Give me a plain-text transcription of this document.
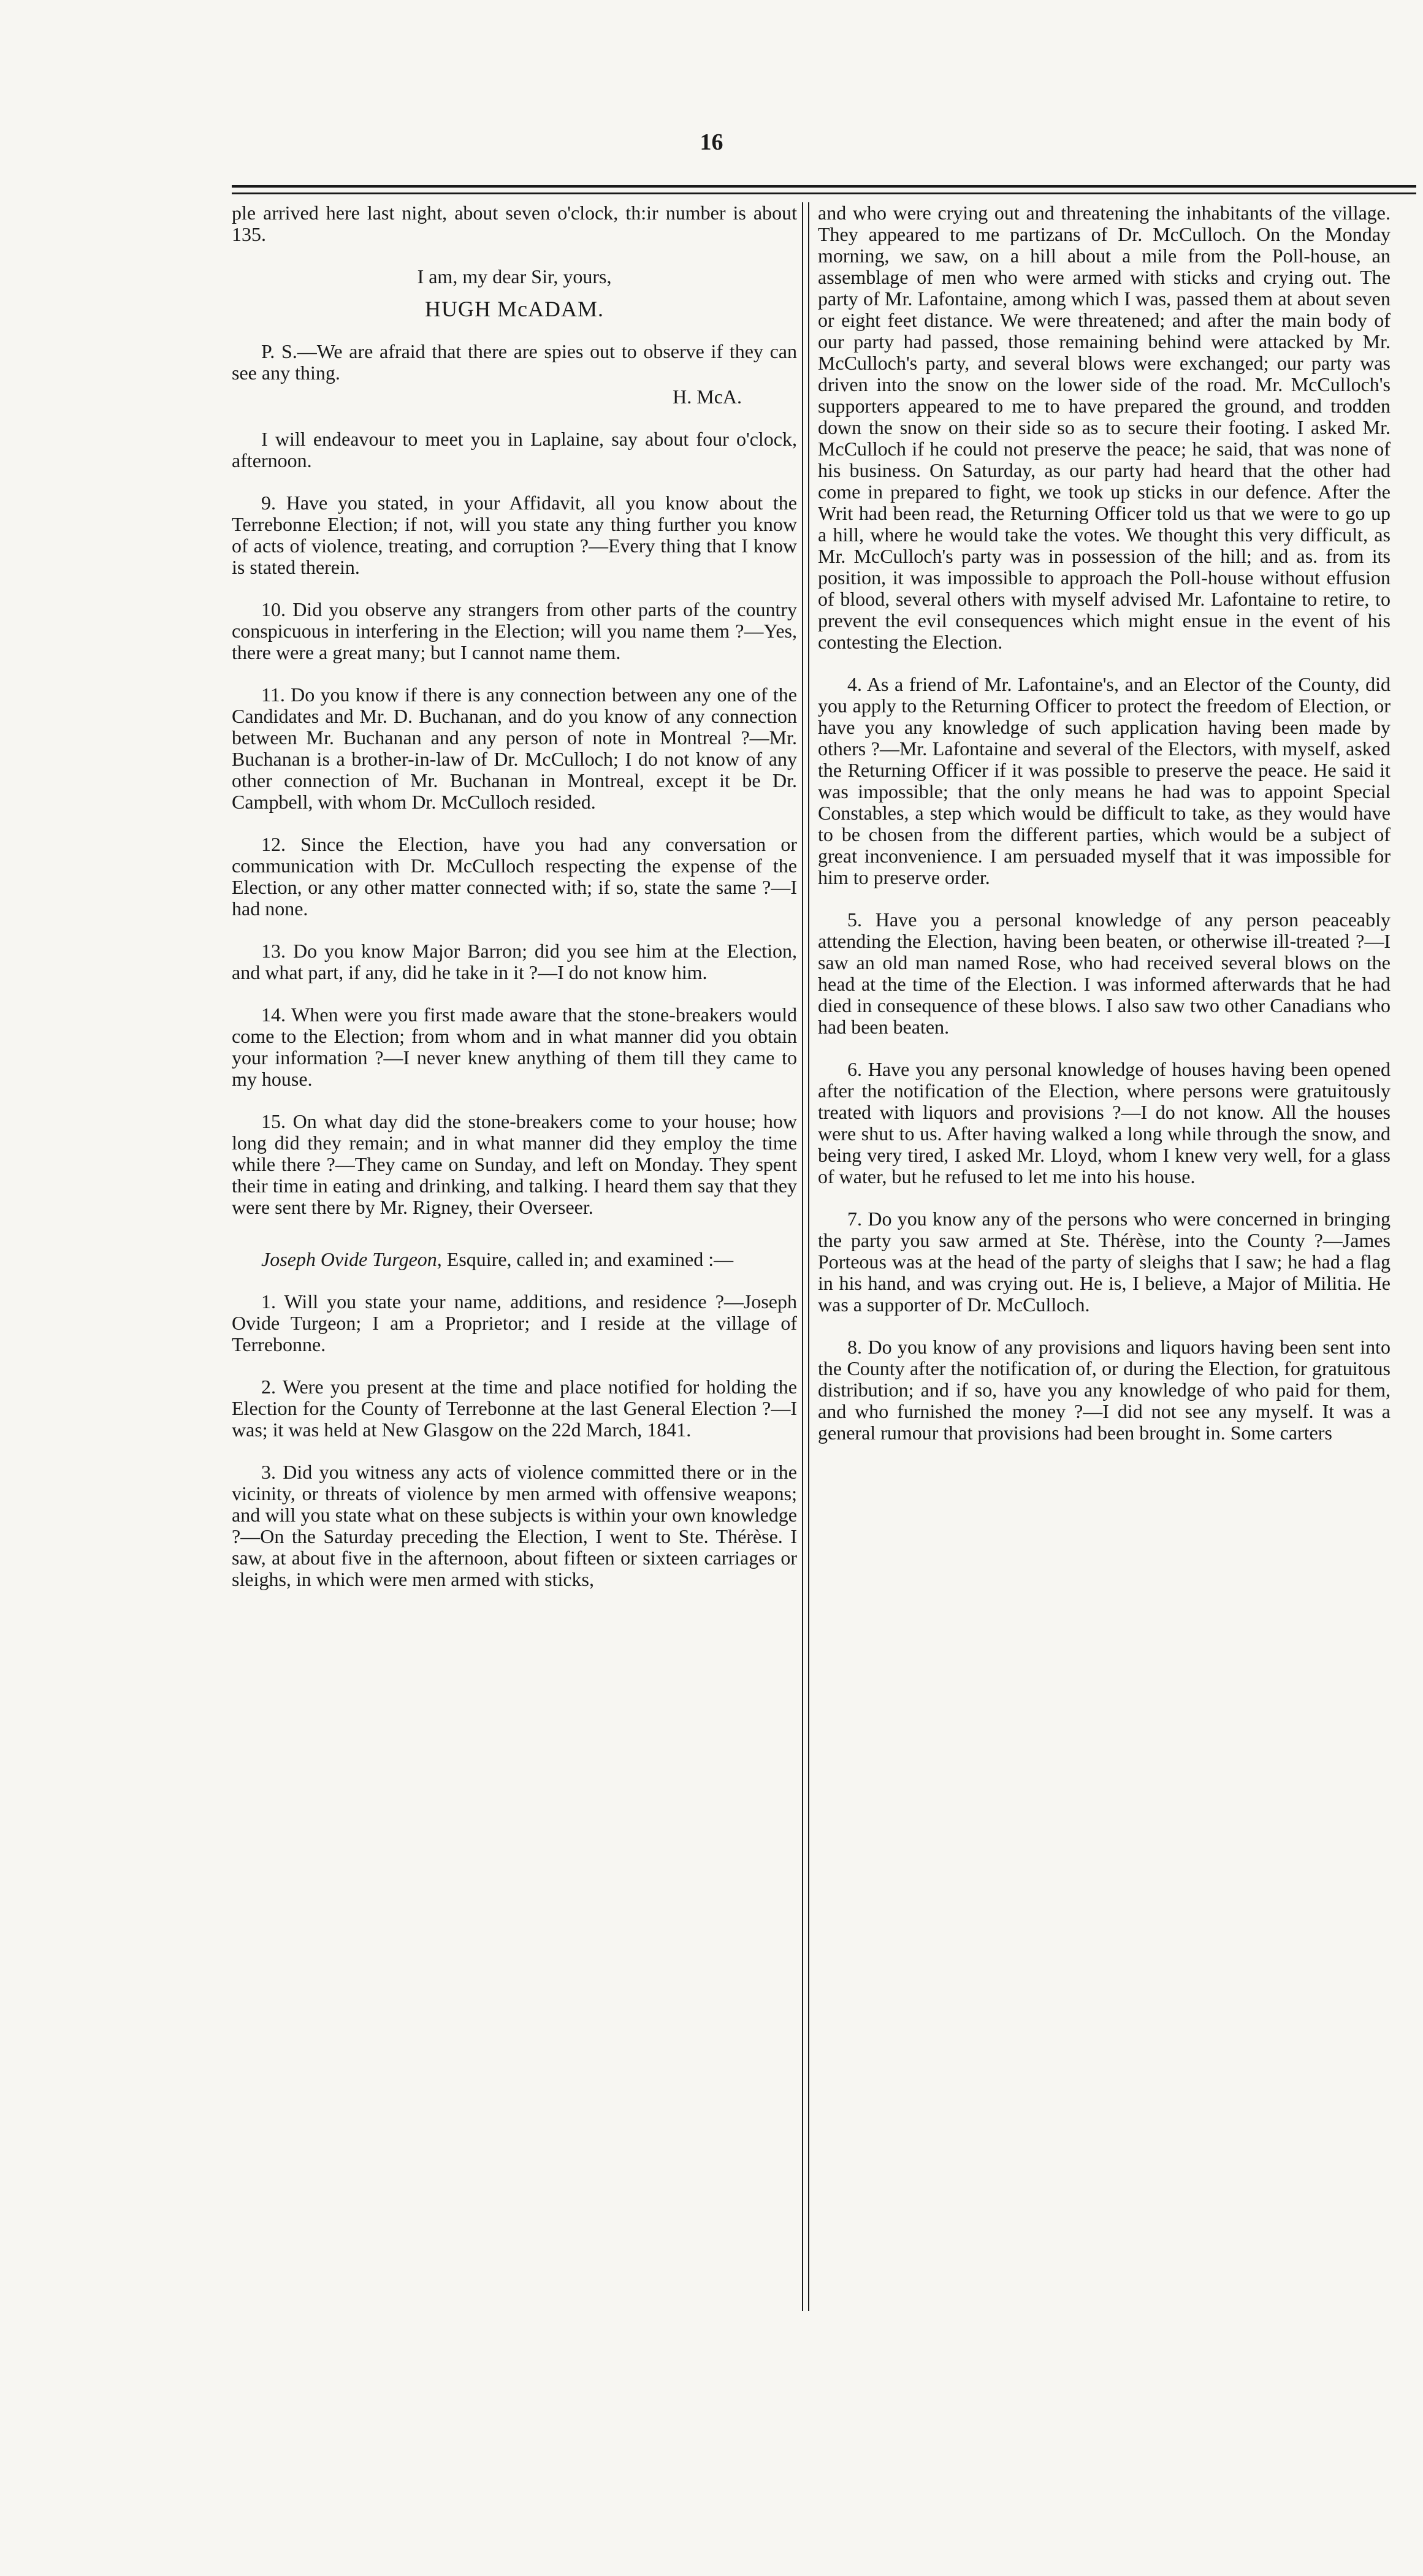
16

ple arrived here last night, about seven o'clock, th:ir number is about 135.

I am, my dear Sir, yours,

HUGH McADAM.

P. S.—We are afraid that there are spies out to observe if they can see any thing.

H. McA.

I will endeavour to meet you in Laplaine, say about four o'clock, afternoon.

9. Have you stated, in your Affidavit, all you know about the Terrebonne Election; if not, will you state any thing further you know of acts of violence, treating, and corruption ?—Every thing that I know is stated therein.

10. Did you observe any strangers from other parts of the country conspicuous in interfering in the Election; will you name them ?—Yes, there were a great many; but I cannot name them.

11. Do you know if there is any connection between any one of the Candidates and Mr. D. Buchanan, and do you know of any connection between Mr. Buchanan and any person of note in Montreal ?—Mr. Buchanan is a brother-in-law of Dr. McCulloch; I do not know of any other connection of Mr. Buchanan in Montreal, except it be Dr. Campbell, with whom Dr. McCulloch resided.

12. Since the Election, have you had any conversation or communication with Dr. McCulloch respecting the expense of the Election, or any other matter connected with; if so, state the same ?—I had none.

13. Do you know Major Barron; did you see him at the Election, and what part, if any, did he take in it ?—I do not know him.

14. When were you first made aware that the stone-breakers would come to the Election; from whom and in what manner did you obtain your information ?—I never knew anything of them till they came to my house.

15. On what day did the stone-breakers come to your house; how long did they remain; and in what manner did they employ the time while there ?—They came on Sunday, and left on Monday. They spent their time in eating and drinking, and talking. I heard them say that they were sent there by Mr. Rigney, their Overseer.

Joseph Ovide Turgeon, Esquire, called in; and examined :—

1. Will you state your name, additions, and residence ?—Joseph Ovide Turgeon; I am a Proprietor; and I reside at the village of Terrebonne.

2. Were you present at the time and place notified for holding the Election for the County of Terrebonne at the last General Election ?—I was; it was held at New Glasgow on the 22d March, 1841.

3. Did you witness any acts of violence committed there or in the vicinity, or threats of violence by men armed with offensive weapons; and will you state what on these subjects is within your own knowledge ?—On the Saturday preceding the Election, I went to Ste. Thérèse. I saw, at about five in the afternoon, about fifteen or sixteen carriages or sleighs, in which were men armed with sticks,

and who were crying out and threatening the inhabitants of the village. They appeared to me partizans of Dr. McCulloch. On the Monday morning, we saw, on a hill about a mile from the Poll-house, an assemblage of men who were armed with sticks and crying out. The party of Mr. Lafontaine, among which I was, passed them at about seven or eight feet distance. We were threatened; and after the main body of our party had passed, those remaining behind were attacked by Mr. McCulloch's party, and several blows were exchanged; our party was driven into the snow on the lower side of the road. Mr. McCulloch's supporters appeared to me to have prepared the ground, and trodden down the snow on their side so as to secure their footing. I asked Mr. McCulloch if he could not preserve the peace; he said, that was none of his business. On Saturday, as our party had heard that the other had come in prepared to fight, we took up sticks in our defence. After the Writ had been read, the Returning Officer told us that we were to go up a hill, where he would take the votes. We thought this very difficult, as Mr. McCulloch's party was in possession of the hill; and as. from its position, it was impossible to approach the Poll-house without effusion of blood, several others with myself advised Mr. Lafontaine to retire, to prevent the evil consequences which might ensue in the event of his contesting the Election.

4. As a friend of Mr. Lafontaine's, and an Elector of the County, did you apply to the Returning Officer to protect the freedom of Election, or have you any knowledge of such application having been made by others ?—Mr. Lafontaine and several of the Electors, with myself, asked the Returning Officer if it was possible to preserve the peace. He said it was impossible; that the only means he had was to appoint Special Constables, a step which would be difficult to take, as they would have to be chosen from the different parties, which would be a subject of great inconvenience. I am persuaded myself that it was impossible for him to preserve order.

5. Have you a personal knowledge of any person peaceably attending the Election, having been beaten, or otherwise ill-treated ?—I saw an old man named Rose, who had received several blows on the head at the time of the Election. I was informed afterwards that he had died in consequence of these blows. I also saw two other Canadians who had been beaten.

6. Have you any personal knowledge of houses having been opened after the notification of the Election, where persons were gratuitously treated with liquors and provisions ?—I do not know. All the houses were shut to us. After having walked a long while through the snow, and being very tired, I asked Mr. Lloyd, whom I knew very well, for a glass of water, but he refused to let me into his house.

7. Do you know any of the persons who were concerned in bringing the party you saw armed at Ste. Thérèse, into the County ?—James Porteous was at the head of the party of sleighs that I saw; he had a flag in his hand, and was crying out. He is, I believe, a Major of Militia. He was a supporter of Dr. McCulloch.

8. Do you know of any provisions and liquors having been sent into the County after the notification of, or during the Election, for gratuitous distribution; and if so, have you any knowledge of who paid for them, and who furnished the money ?—I did not see any myself. It was a general rumour that provisions had been brought in. Some carters
